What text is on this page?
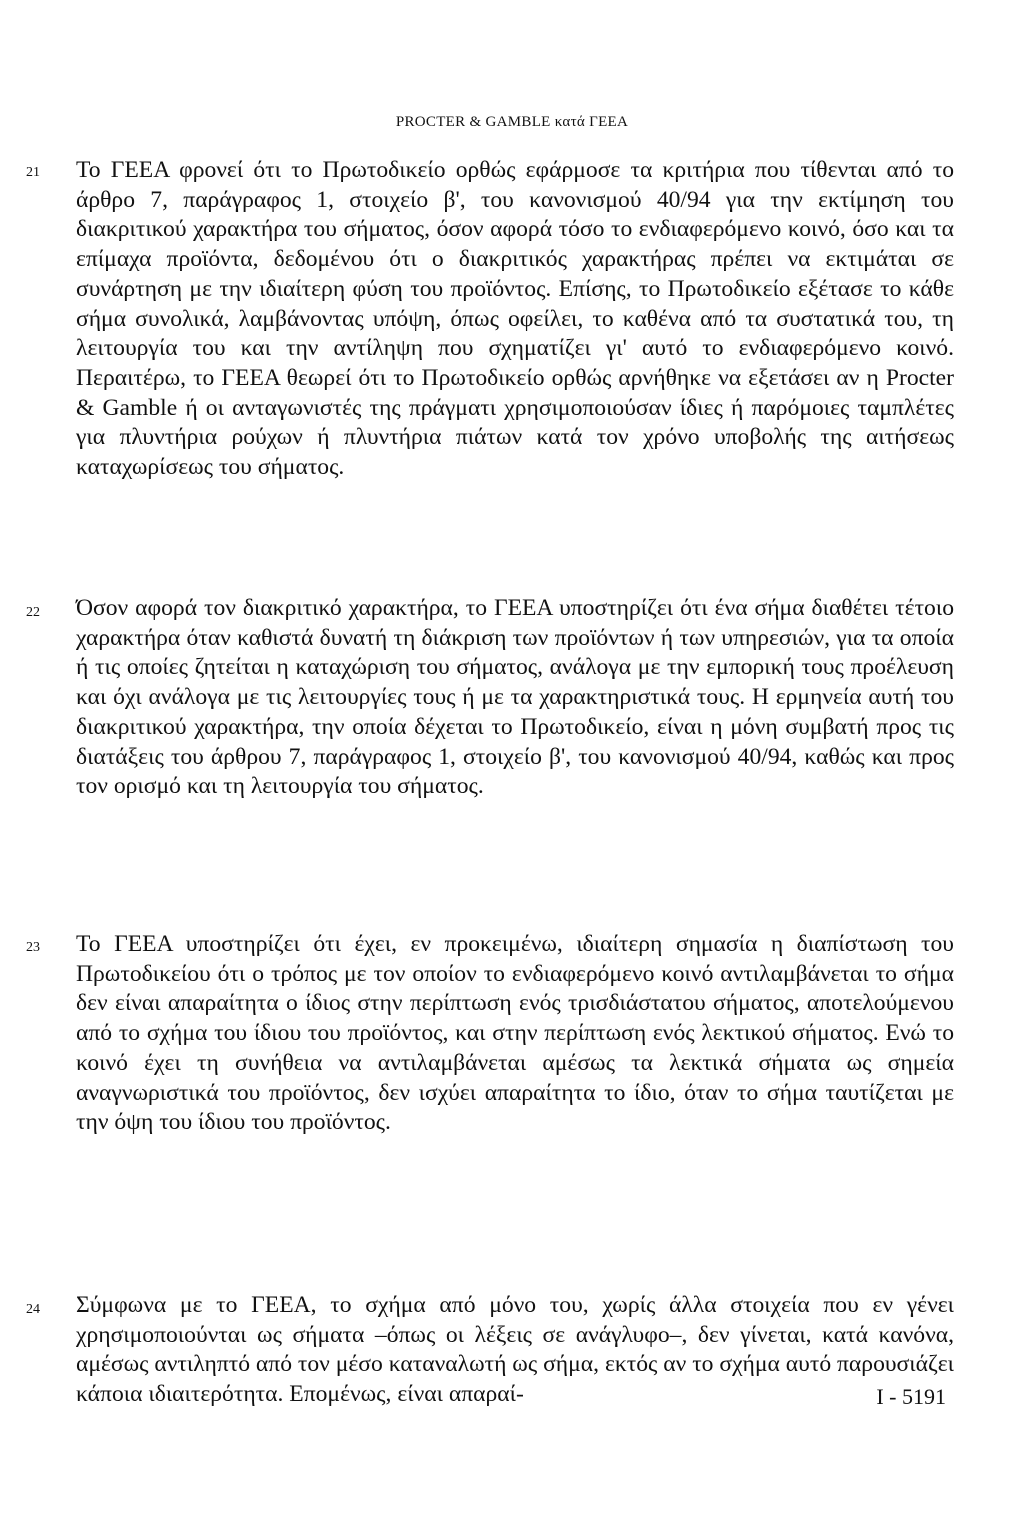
PROCTER & GAMBLE κατά ΓΕΕΑ
21 Το ΓΕΕΑ φρονεί ότι το Πρωτοδικείο ορθώς εφάρμοσε τα κριτήρια που τίθενται από το άρθρο 7, παράγραφος 1, στοιχείο β', του κανονισμού 40/94 για την εκτίμηση του διακριτικού χαρακτήρα του σήματος, όσον αφορά τόσο το ενδιαφερόμενο κοινό, όσο και τα επίμαχα προϊόντα, δεδομένου ότι ο διακριτικός χαρακτήρας πρέπει να εκτιμάται σε συνάρτηση με την ιδιαίτερη φύση του προϊόντος. Επίσης, το Πρωτοδικείο εξέτασε το κάθε σήμα συνολικά, λαμβάνοντας υπόψη, όπως οφείλει, το καθένα από τα συστατικά του, τη λειτουργία του και την αντίληψη που σχηματίζει γι' αυτό το ενδιαφερόμενο κοινό. Περαιτέρω, το ΓΕΕΑ θεωρεί ότι το Πρωτοδικείο ορθώς αρνήθηκε να εξετάσει αν η Procter & Gamble ή οι ανταγωνιστές της πράγματι χρησιμοποιούσαν ίδιες ή παρόμοιες ταμπλέτες για πλυντήρια ρούχων ή πλυντήρια πιάτων κατά τον χρόνο υποβολής της αιτήσεως καταχωρίσεως του σήματος.
22 Όσον αφορά τον διακριτικό χαρακτήρα, το ΓΕΕΑ υποστηρίζει ότι ένα σήμα διαθέτει τέτοιο χαρακτήρα όταν καθιστά δυνατή τη διάκριση των προϊόντων ή των υπηρεσιών, για τα οποία ή τις οποίες ζητείται η καταχώριση του σήματος, ανάλογα με την εμπορική τους προέλευση και όχι ανάλογα με τις λειτουργίες τους ή με τα χαρακτηριστικά τους. Η ερμηνεία αυτή του διακριτικού χαρακτήρα, την οποία δέχεται το Πρωτοδικείο, είναι η μόνη συμβατή προς τις διατάξεις του άρθρου 7, παράγραφος 1, στοιχείο β', του κανονισμού 40/94, καθώς και προς τον ορισμό και τη λειτουργία του σήματος.
23 Το ΓΕΕΑ υποστηρίζει ότι έχει, εν προκειμένω, ιδιαίτερη σημασία η διαπίστωση του Πρωτοδικείου ότι ο τρόπος με τον οποίον το ενδιαφερόμενο κοινό αντιλαμβάνεται το σήμα δεν είναι απαραίτητα ο ίδιος στην περίπτωση ενός τρισδιάστατου σήματος, αποτελούμενου από το σχήμα του ίδιου του προϊόντος, και στην περίπτωση ενός λεκτικού σήματος. Ενώ το κοινό έχει τη συνήθεια να αντιλαμβάνεται αμέσως τα λεκτικά σήματα ως σημεία αναγνωριστικά του προϊόντος, δεν ισχύει απαραίτητα το ίδιο, όταν το σήμα ταυτίζεται με την όψη του ίδιου του προϊόντος.
24 Σύμφωνα με το ΓΕΕΑ, το σχήμα από μόνο του, χωρίς άλλα στοιχεία που εν γένει χρησιμοποιούνται ως σήματα –όπως οι λέξεις σε ανάγλυφο–, δεν γίνεται, κατά κανόνα, αμέσως αντιληπτό από τον μέσο καταναλωτή ως σήμα, εκτός αν το σχήμα αυτό παρουσιάζει κάποια ιδιαιτερότητα. Επομένως, είναι απαραί-	I - 5191
